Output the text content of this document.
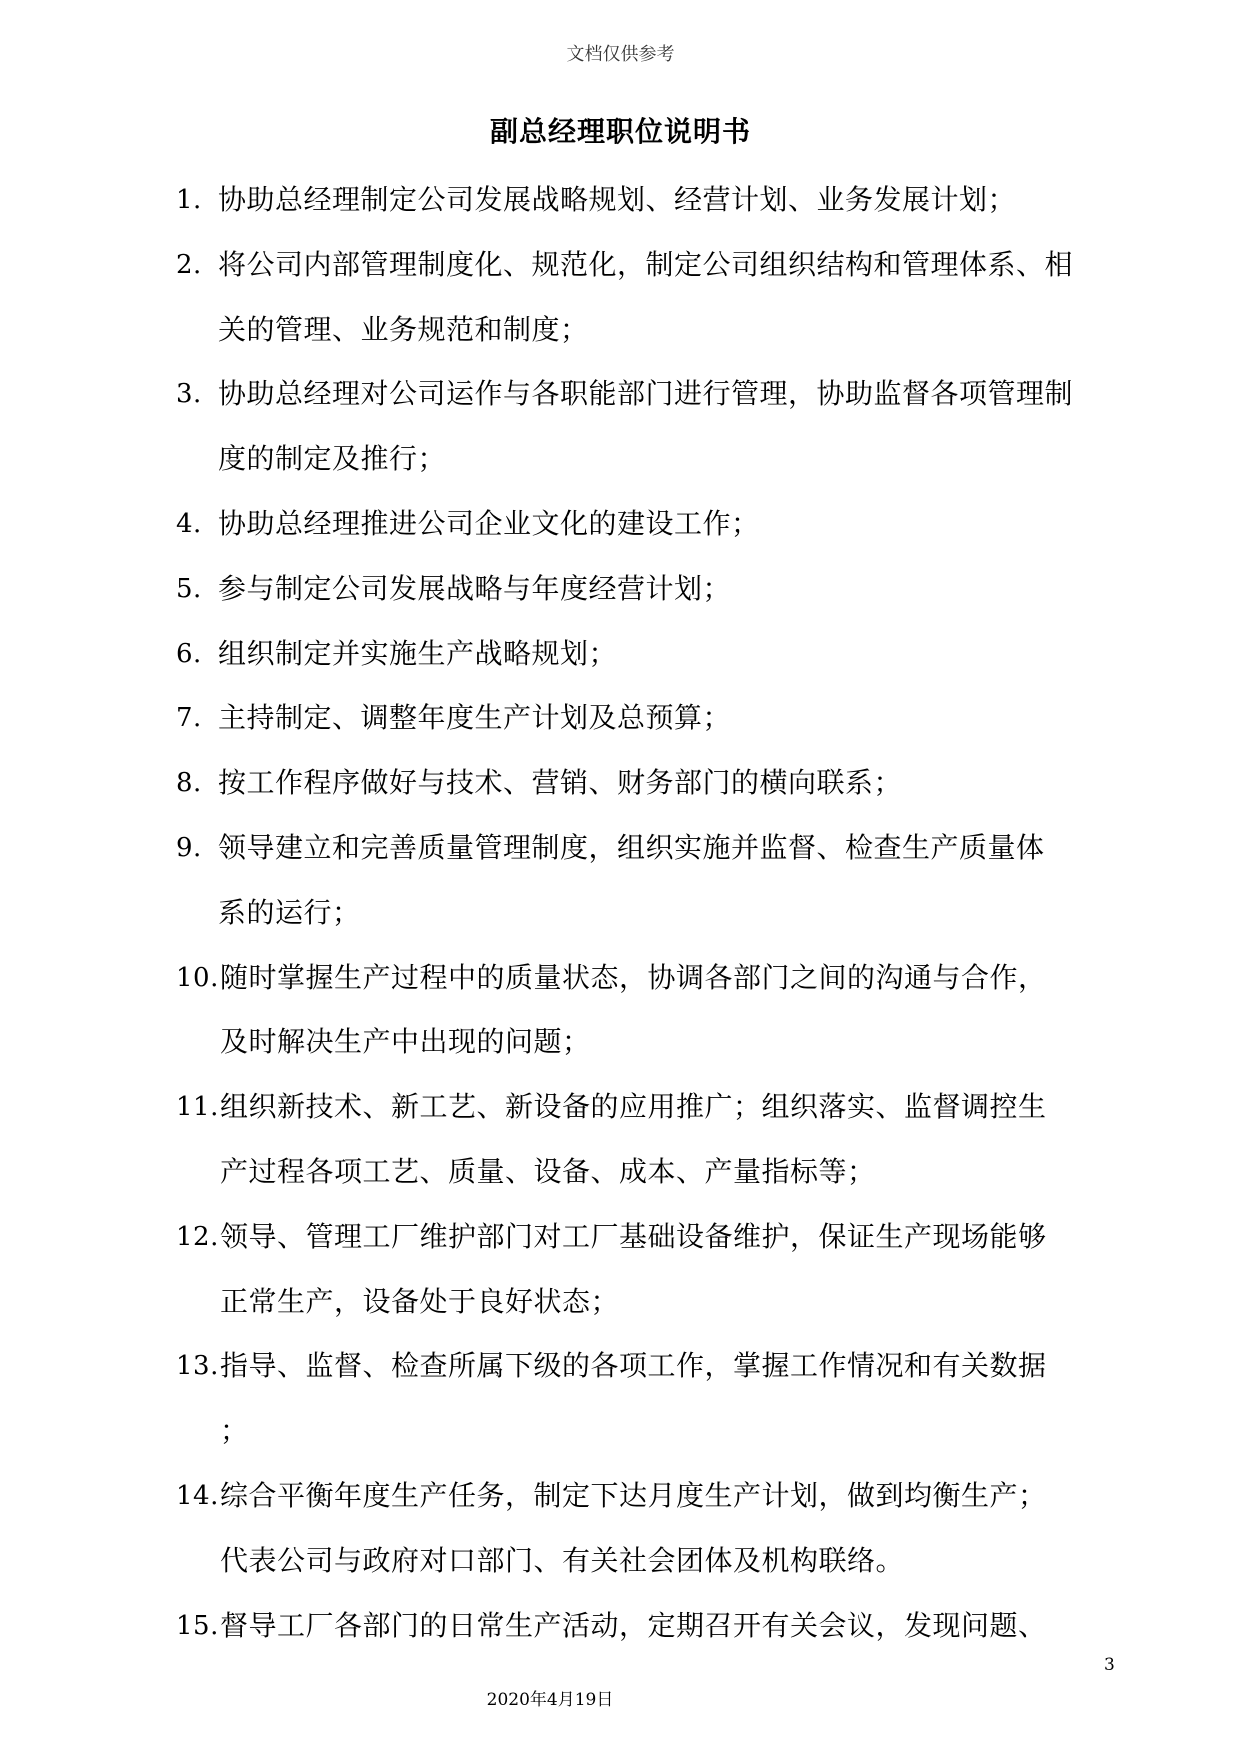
文档仅供参考
副总经理职位说明书
1. 协助总经理制定公司发展战略规划、经营计划、业务发展计划；
2. 将公司内部管理制度化、规范化，制定公司组织结构和管理体系、相
关的管理、业务规范和制度；
3. 协助总经理对公司运作与各职能部门进行管理，协助监督各项管理制
度的制定及推行；
4. 协助总经理推进公司企业文化的建设工作；
5. 参与制定公司发展战略与年度经营计划；
6. 组织制定并实施生产战略规划；
7. 主持制定、调整年度生产计划及总预算；
8. 按工作程序做好与技术、营销、财务部门的横向联系；
9. 领导建立和完善质量管理制度，组织实施并监督、检查生产质量体
系的运行；
10. 随时掌握生产过程中的质量状态，协调各部门之间的沟通与合作，
及时解决生产中出现的问题；
11. 组织新技术、新工艺、新设备的应用推广；组织落实、监督调控生
产过程各项工艺、质量、设备、成本、产量指标等；
12. 领导、管理工厂维护部门对工厂基础设备维护，保证生产现场能够
正常生产，设备处于良好状态；
13. 指导、监督、检查所属下级的各项工作，掌握工作情况和有关数据
；
14. 综合平衡年度生产任务，制定下达月度生产计划，做到均衡生产；
代表公司与政府对口部门、有关社会团体及机构联络。
15. 督导工厂各部门的日常生产活动，定期召开有关会议，发现问题、
3
2020年4月19日
